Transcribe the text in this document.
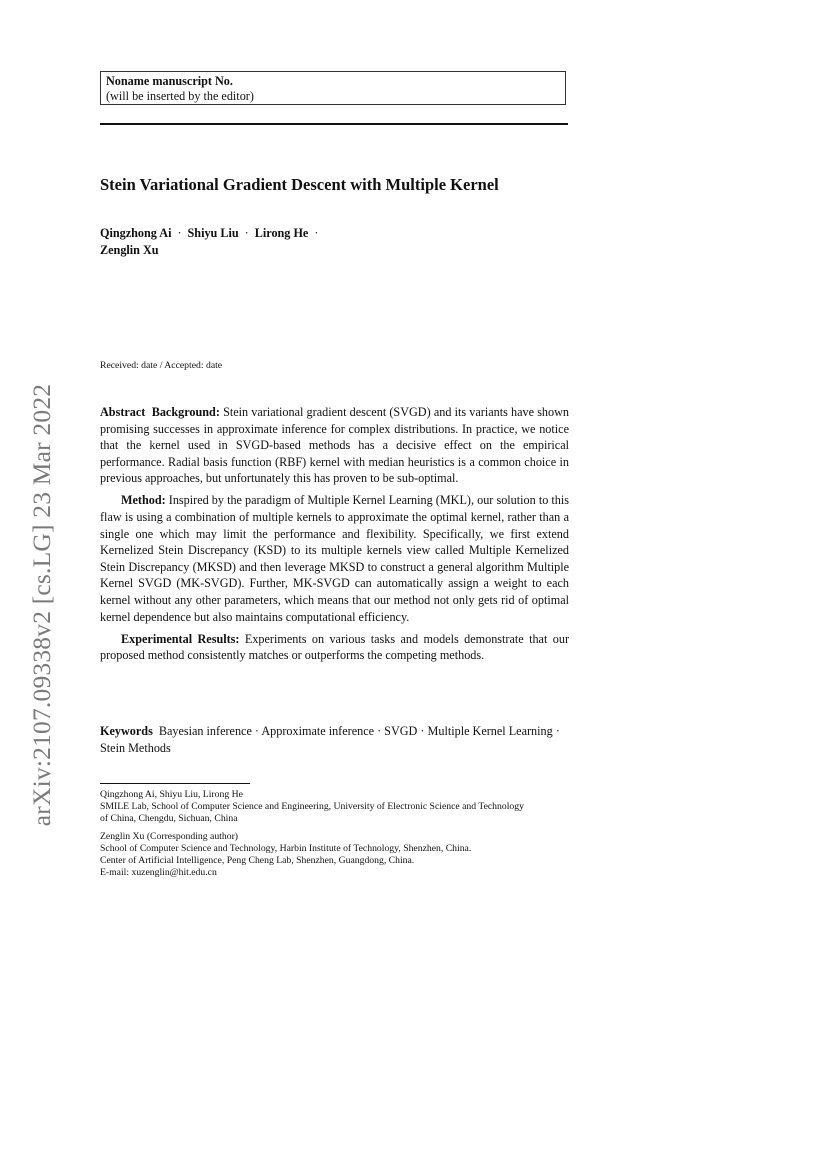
arXiv:2107.09338v2 [cs.LG] 23 Mar 2022
Noname manuscript No.
(will be inserted by the editor)
Stein Variational Gradient Descent with Multiple Kernel
Qingzhong Ai · Shiyu Liu · Lirong He ·
Zenglin Xu
Received: date / Accepted: date

Abstract Background: Stein variational gradient descent (SVGD) and its variants have shown promising successes in approximate inference for complex distributions. In practice, we notice that the kernel used in SVGD-based methods has a decisive effect on the empirical performance. Radial basis function (RBF) kernel with median heuristics is a common choice in previous approaches, but unfortunately this has proven to be sub-optimal.

Method: Inspired by the paradigm of Multiple Kernel Learning (MKL), our solution to this flaw is using a combination of multiple kernels to approximate the optimal kernel, rather than a single one which may limit the performance and flexibility. Specifically, we first extend Kernelized Stein Discrepancy (KSD) to its multiple kernels view called Multiple Kernelized Stein Discrepancy (MKSD) and then leverage MKSD to construct a general algorithm Multiple Kernel SVGD (MK-SVGD). Further, MK-SVGD can automatically assign a weight to each kernel without any other parameters, which means that our method not only gets rid of optimal kernel dependence but also maintains computational efficiency.

Experimental Results: Experiments on various tasks and models demonstrate that our proposed method consistently matches or outperforms the competing methods.

Keywords Bayesian inference · Approximate inference · SVGD · Multiple Kernel Learning · Stein Methods
Qingzhong Ai, Shiyu Liu, Lirong He
SMILE Lab, School of Computer Science and Engineering, University of Electronic Science and Technology
of China, Chengdu, Sichuan, China
Zenglin Xu (Corresponding author)
School of Computer Science and Technology, Harbin Institute of Technology, Shenzhen, China.
Center of Artificial Intelligence, Peng Cheng Lab, Shenzhen, Guangdong, China.
E-mail: xuzenglin@hit.edu.cn
